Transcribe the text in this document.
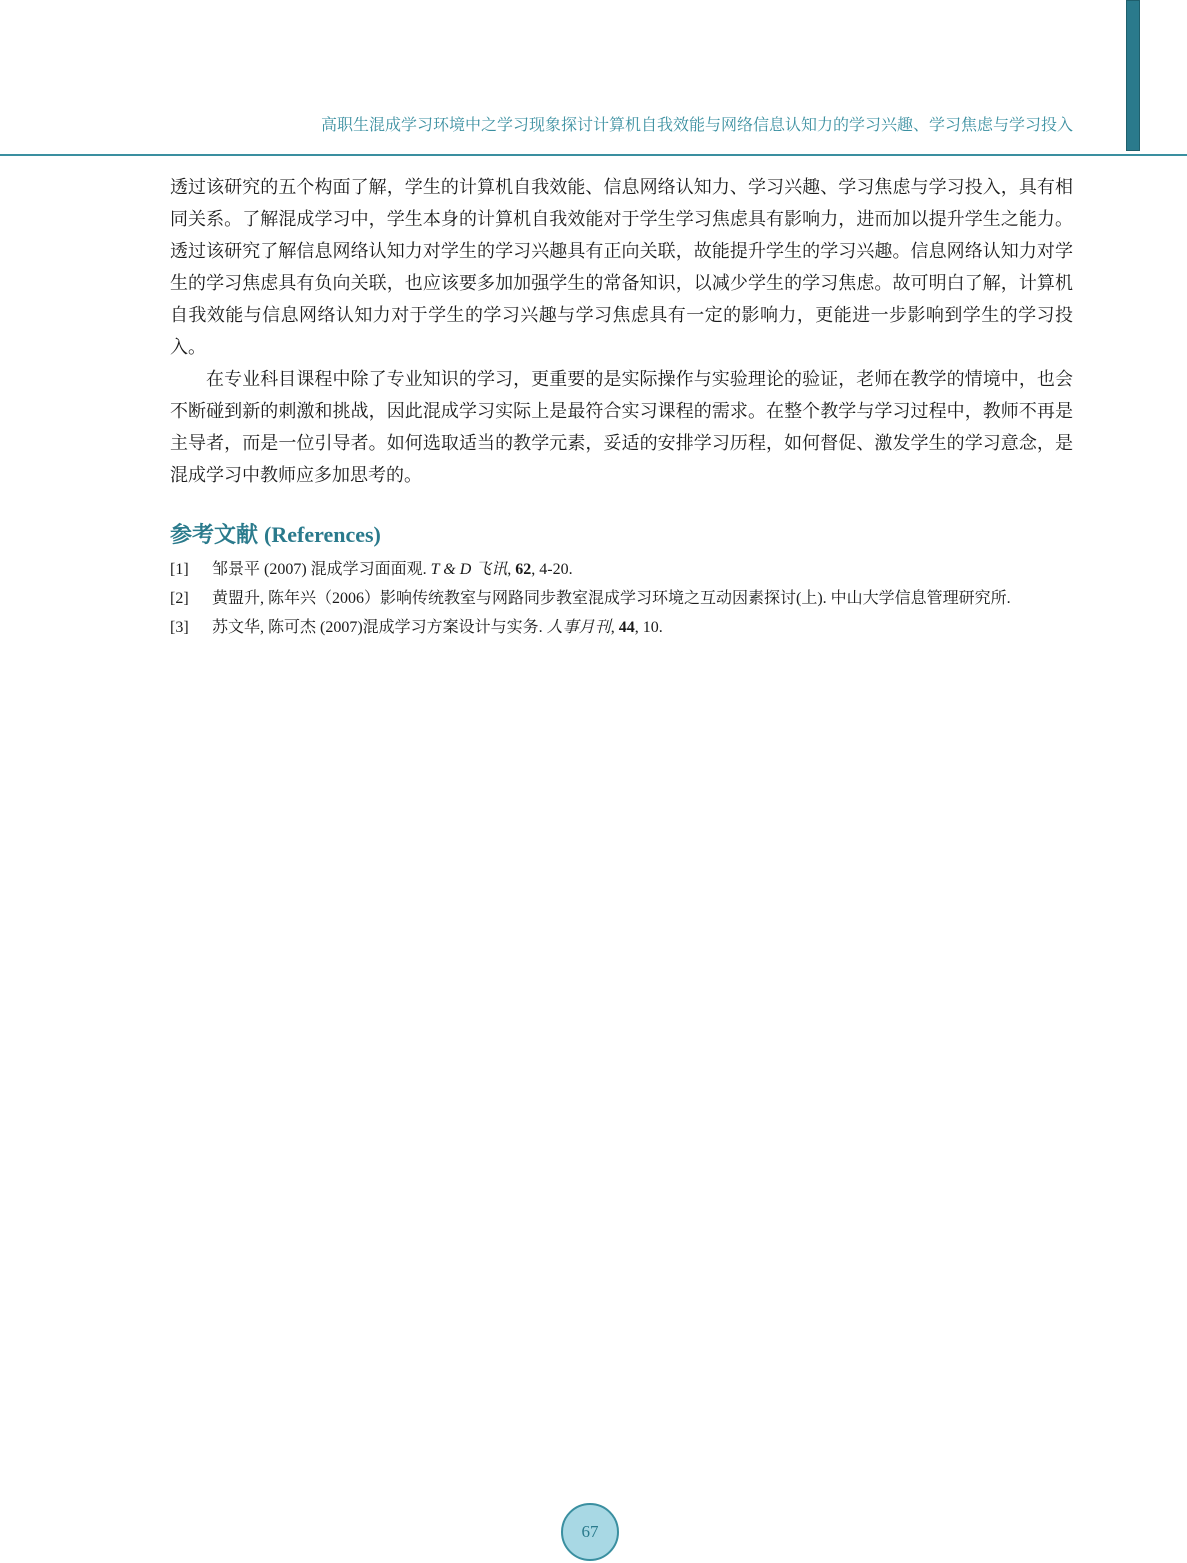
高职生混成学习环境中之学习现象探讨计算机自我效能与网络信息认知力的学习兴趣、学习焦虑与学习投入

透过该研究的五个构面了解，学生的计算机自我效能、信息网络认知力、学习兴趣、学习焦虑与学习投入，具有相同关系。了解混成学习中，学生本身的计算机自我效能对于学生学习焦虑具有影响力，进而加以提升学生之能力。透过该研究了解信息网络认知力对学生的学习兴趣具有正向关联，故能提升学生的学习兴趣。信息网络认知力对学生的学习焦虑具有负向关联，也应该要多加加强学生的常备知识，以减少学生的学习焦虑。故可明白了解，计算机自我效能与信息网络认知力对于学生的学习兴趣与学习焦虑具有一定的影响力，更能进一步影响到学生的学习投入。

在专业科目课程中除了专业知识的学习，更重要的是实际操作与实验理论的验证，老师在教学的情境中，也会不断碰到新的刺激和挑战，因此混成学习实际上是最符合实习课程的需求。在整个教学与学习过程中，教师不再是主导者，而是一位引导者。如何选取适当的教学元素，妥适的安排学习历程，如何督促、激发学生的学习意念，是混成学习中教师应多加思考的。

参考文献 (References)
[1]	邹景平 (2007) 混成学习面面观. T & D 飞讯, 62, 4-20.
[2]	黄盟升, 陈年兴（2006）影响传统教室与网路同步教室混成学习环境之互动因素探讨(上). 中山大学信息管理研究所.
[3]	苏文华, 陈可杰 (2007)混成学习方案设计与实务. 人事月刊, 44, 10.
67
